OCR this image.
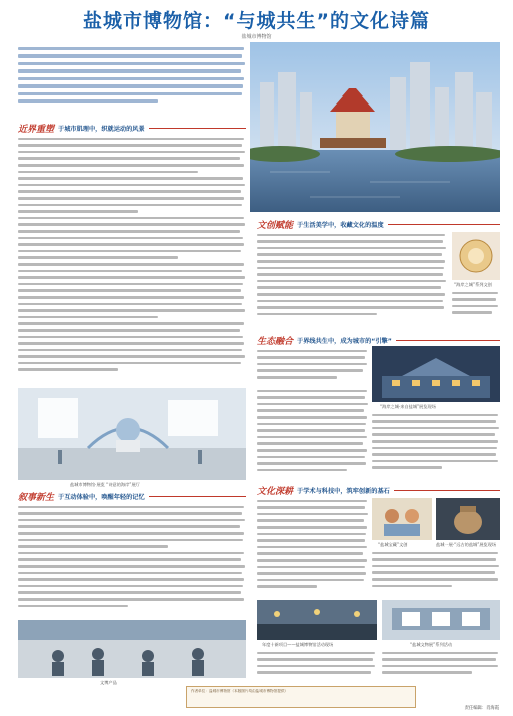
盐城市博物馆：“与城共生”的文化诗篇
盐城市博物馆
近界重塑 于城市肌理中，织就运动的风景
盐城市博物馆·展览 “诗意的海岸”展厅
叙事新生 于互动体验中，唤醒年轻的记忆
文博产品
文创赋能 于生活美学中，收藏文化的温度
“海岸之城”系列文创
生态融合 于界线共生中，成为城市的“引擎”
“海岸之城·来自盐城”展览现场
文化深耕 于学术与科技中，筑牢创新的基石
“盐城宝藏”文创	盐城一展·“远古的盐城”展览现场
年度十新项目——盐城博物馆活动现场	“盐城文物展”系列活动
作者单位：盐城市博物馆（本版图片均由盐城市博物馆提供）
责任编辑：肖海霞
